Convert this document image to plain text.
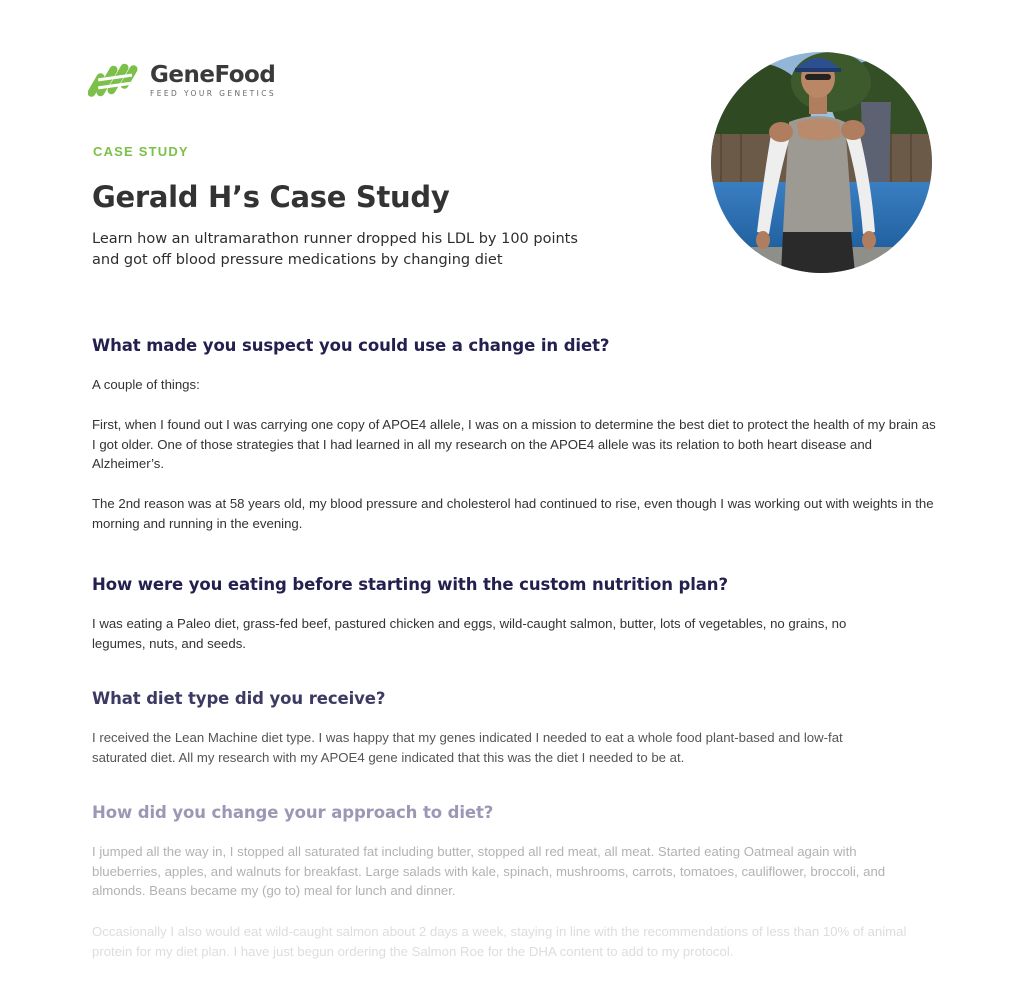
GeneFood
FEED YOUR GENETICS
CASE STUDY
Gerald H’s Case Study

Learn how an ultramarathon runner dropped his LDL by 100 points
and got off blood pressure medications by changing diet

What made you suspect you could use a change in diet?

A couple of things:

First, when I found out I was carrying one copy of APOE4 allele, I was on a mission to determine the best diet to protect the health of my brain as I got older. One of those strategies that I had learned in all my research on the APOE4 allele was its relation to both heart disease and Alzheimer’s.

The 2nd reason was at 58 years old, my blood pressure and cholesterol had continued to rise, even though I was working out with weights in the morning and running in the evening.

How were you eating before starting with the custom nutrition plan?

I was eating a Paleo diet, grass-fed beef, pastured chicken and eggs, wild-caught salmon, butter, lots of vegetables, no grains, no legumes, nuts, and seeds.

What diet type did you receive?

I received the Lean Machine diet type. I was happy that my genes indicated I needed to eat a whole food plant-based and low-fat saturated diet. All my research with my APOE4 gene indicated that this was the diet I needed to be at.

How did you change your approach to diet?

I jumped all the way in, I stopped all saturated fat including butter, stopped all red meat, all meat. Started eating Oatmeal again with blueberries, apples, and walnuts for breakfast. Large salads with kale, spinach, mushrooms, carrots, tomatoes, cauliflower, broccoli, and almonds. Beans became my (go to) meal for lunch and dinner.

Occasionally I also would eat wild-caught salmon about 2 days a week, staying in line with the recommendations of less than 10% of animal protein for my diet plan. I have just begun ordering the Salmon Roe for the DHA content to add to my protocol.
